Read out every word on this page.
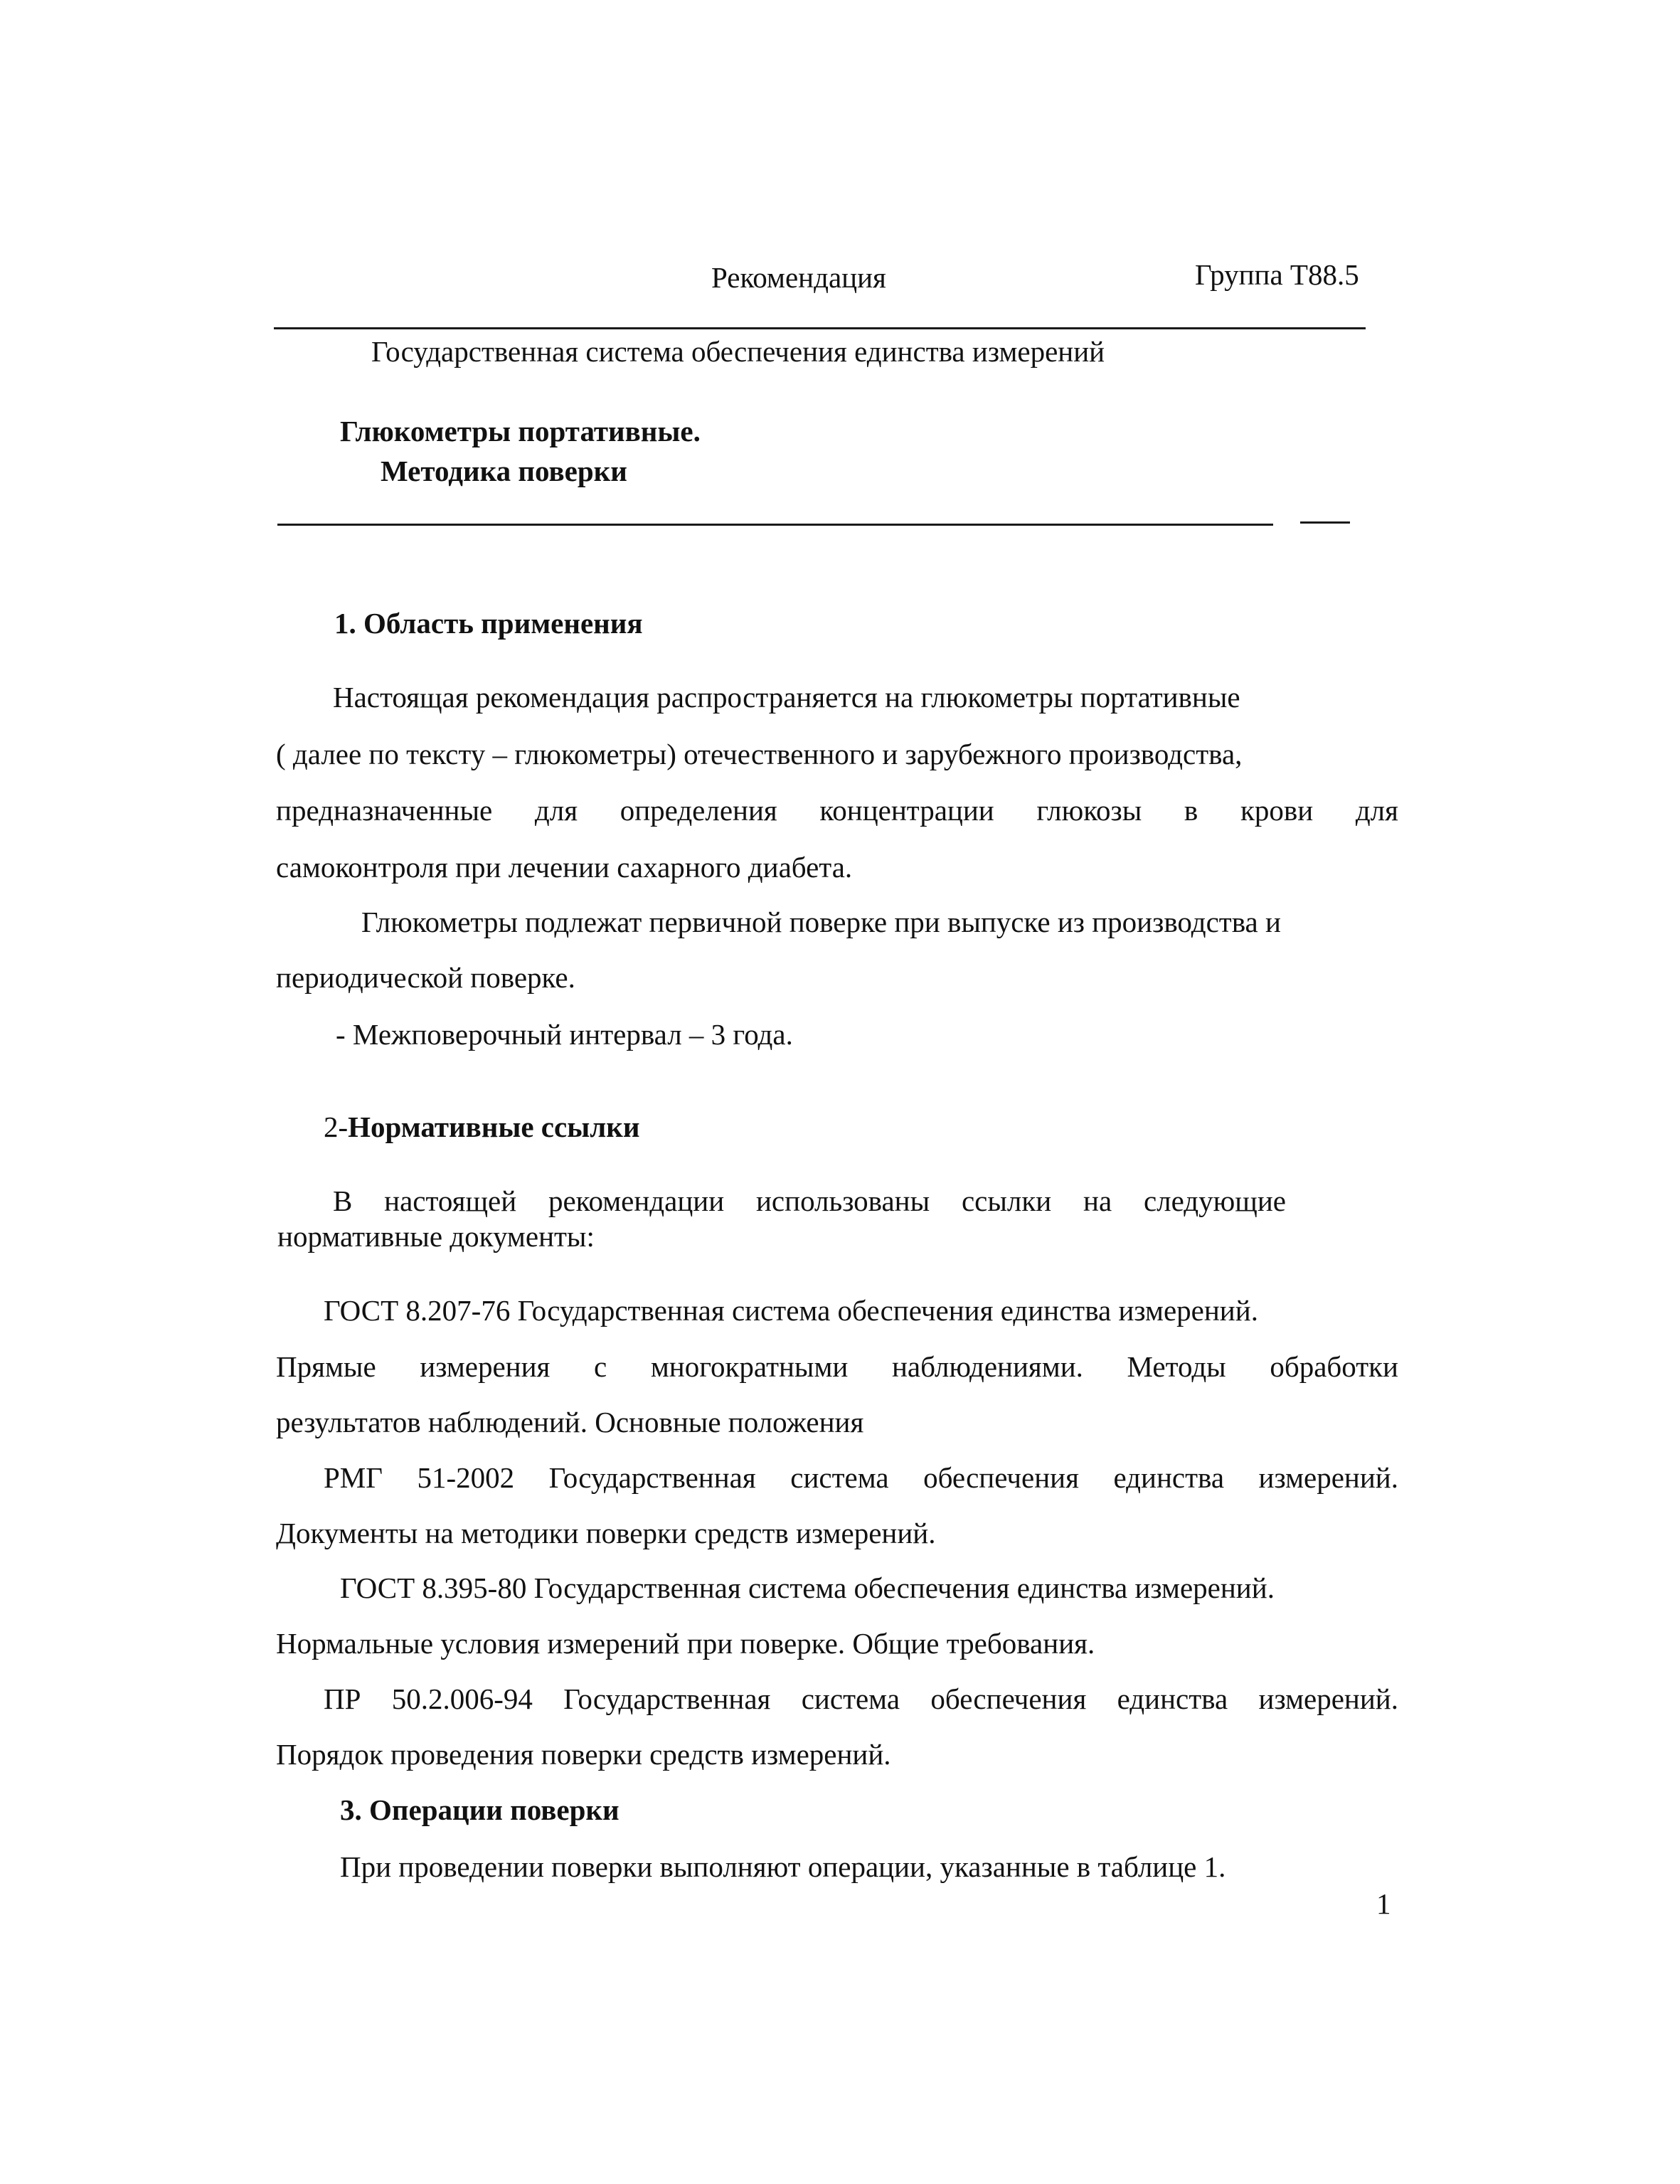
Рекомендация	Группа Т88.5
Государственная система обеспечения единства измерений
Глюкометры портативные.
Методика поверки
1. Область применения
Настоящая рекомендация распространяется на глюкометры портативные
( далее по тексту – глюкометры) отечественного и зарубежного производства,
предназначенные для определения концентрации глюкозы в крови для
самоконтроля при лечении сахарного диабета.
Глюкометры подлежат первичной поверке при выпуске из производства и
периодической поверке.
- Межповерочный интервал – 3 года.
2-Нормативные ссылки
В настоящей рекомендации использованы ссылки на следующие
нормативные документы:
ГОСТ 8.207-76 Государственная система обеспечения единства измерений.
Прямые измерения с многократными наблюдениями. Методы обработки
результатов наблюдений. Основные положения
РМГ 51-2002 Государственная система обеспечения единства измерений.
Документы на методики поверки средств измерений.
ГОСТ 8.395-80 Государственная система обеспечения единства измерений.
Нормальные условия измерений при поверке. Общие требования.
ПР 50.2.006-94 Государственная система обеспечения единства измерений.
Порядок проведения поверки средств измерений.
3. Операции поверки
При проведении поверки выполняют операции, указанные в таблице 1.
1
